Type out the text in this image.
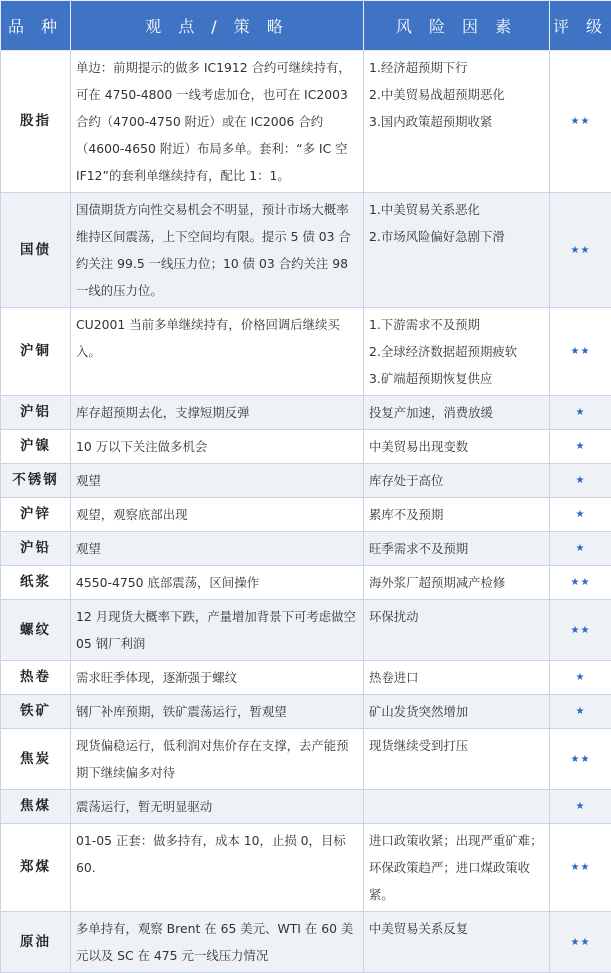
品 种	观 点 / 策 略	风 险 因 素	评 级
股指	单边：前期提示的做多 IC1912 合约可继续持有，可在 4750-4800 一线考虑加仓，也可在 IC2003 合约（4700-4750 附近）或在 IC2006 合约（4600-4650 附近）布局多单。套利：“多 IC 空 IF12”的套利单继续持有，配比 1：1。	1.经济超预期下行
2.中美贸易战超预期恶化
3.国内政策超预期收紧	★★
国债	国债期货方向性交易机会不明显，预计市场大概率维持区间震荡，上下空间均有限。提示 5 债 03 合约关注 99.5 一线压力位；10 债 03 合约关注 98 一线的压力位。	1.中美贸易关系恶化
2.市场风险偏好急剧下滑	★★
沪铜	CU2001 当前多单继续持有，价格回调后继续买入。	1.下游需求不及预期
2.全球经济数据超预期疲软
3.矿端超预期恢复供应	★★
沪铝	库存超预期去化，支撑短期反弹	投复产加速，消费放缓	★
沪镍	10 万以下关注做多机会	中美贸易出现变数	★
不锈钢	观望	库存处于高位	★
沪锌	观望，观察底部出现	累库不及预期	★
沪铅	观望	旺季需求不及预期	★
纸浆	4550-4750 底部震荡，区间操作	海外浆厂超预期减产检修	★★
螺纹	12 月现货大概率下跌，产量增加背景下可考虑做空 05 钢厂利润	环保扰动	★★
热卷	需求旺季体现，逐渐强于螺纹	热卷进口	★
铁矿	钢厂补库预期，铁矿震荡运行，暂观望	矿山发货突然增加	★
焦炭	现货偏稳运行，低利润对焦价存在支撑，去产能预期下继续偏多对待	现货继续受到打压	★★
焦煤	震荡运行，暂无明显驱动		★
郑煤	01-05 正套：做多持有，成本 10，止损 0，目标 60.	进口政策收紧；出现严重矿难；环保政策趋严；进口煤政策收紧。	★★
原油	多单持有，观察 Brent 在 65 美元、WTI 在 60 美元以及 SC 在 475 元一线压力情况	中美贸易关系反复	★★
